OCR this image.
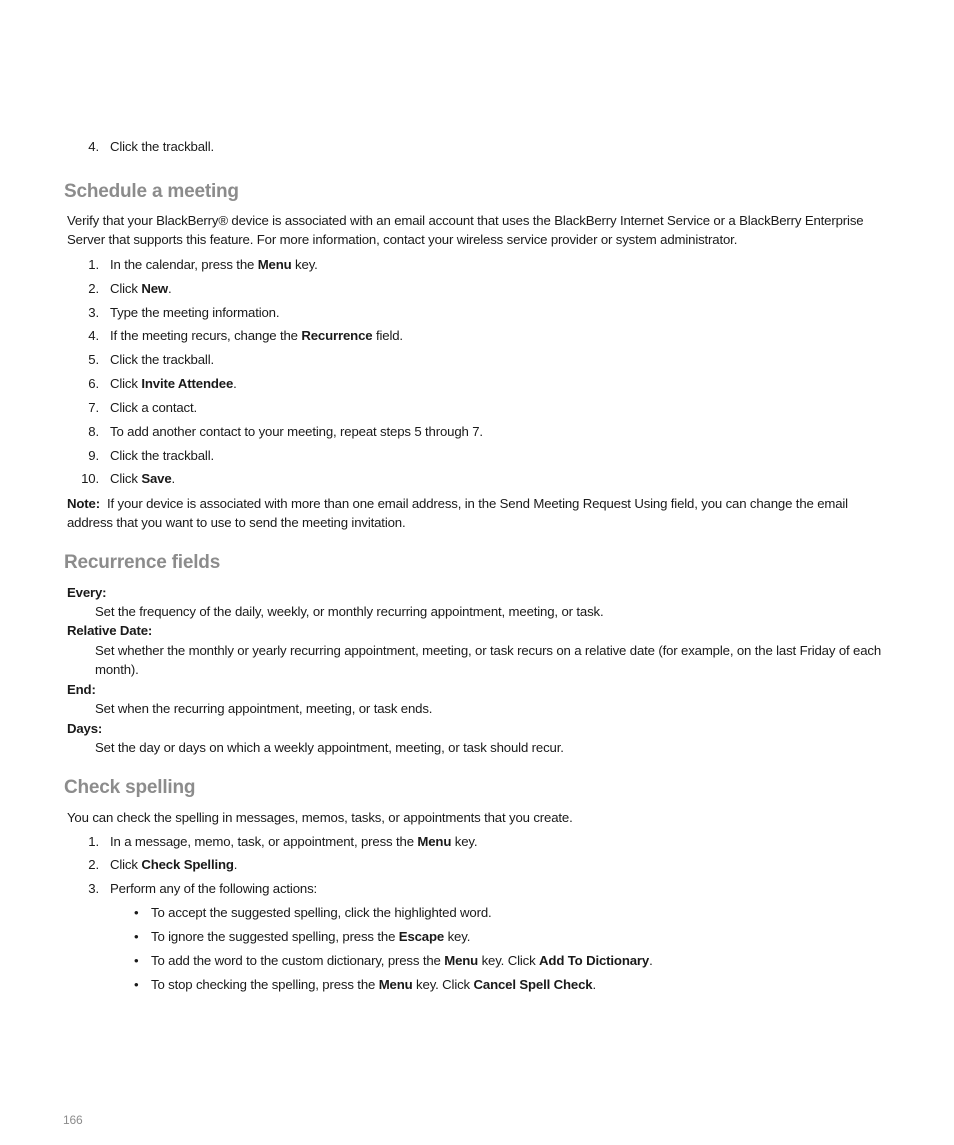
4. Click the trackball.
Schedule a meeting
Verify that your BlackBerry® device is associated with an email account that uses the BlackBerry Internet Service or a BlackBerry Enterprise Server that supports this feature. For more information, contact your wireless service provider or system administrator.
1. In the calendar, press the Menu key.
2. Click New.
3. Type the meeting information.
4. If the meeting recurs, change the Recurrence field.
5. Click the trackball.
6. Click Invite Attendee.
7. Click a contact.
8. To add another contact to your meeting, repeat steps 5 through 7.
9. Click the trackball.
10. Click Save.
Note: If your device is associated with more than one email address, in the Send Meeting Request Using field, you can change the email address that you want to use to send the meeting invitation.
Recurrence fields
Every:
Set the frequency of the daily, weekly, or monthly recurring appointment, meeting, or task.
Relative Date:
Set whether the monthly or yearly recurring appointment, meeting, or task recurs on a relative date (for example, on the last Friday of each month).
End:
Set when the recurring appointment, meeting, or task ends.
Days:
Set the day or days on which a weekly appointment, meeting, or task should recur.
Check spelling
You can check the spelling in messages, memos, tasks, or appointments that you create.
1. In a message, memo, task, or appointment, press the Menu key.
2. Click Check Spelling.
3. Perform any of the following actions:
• To accept the suggested spelling, click the highlighted word.
• To ignore the suggested spelling, press the Escape key.
• To add the word to the custom dictionary, press the Menu key. Click Add To Dictionary.
• To stop checking the spelling, press the Menu key. Click Cancel Spell Check.
166
